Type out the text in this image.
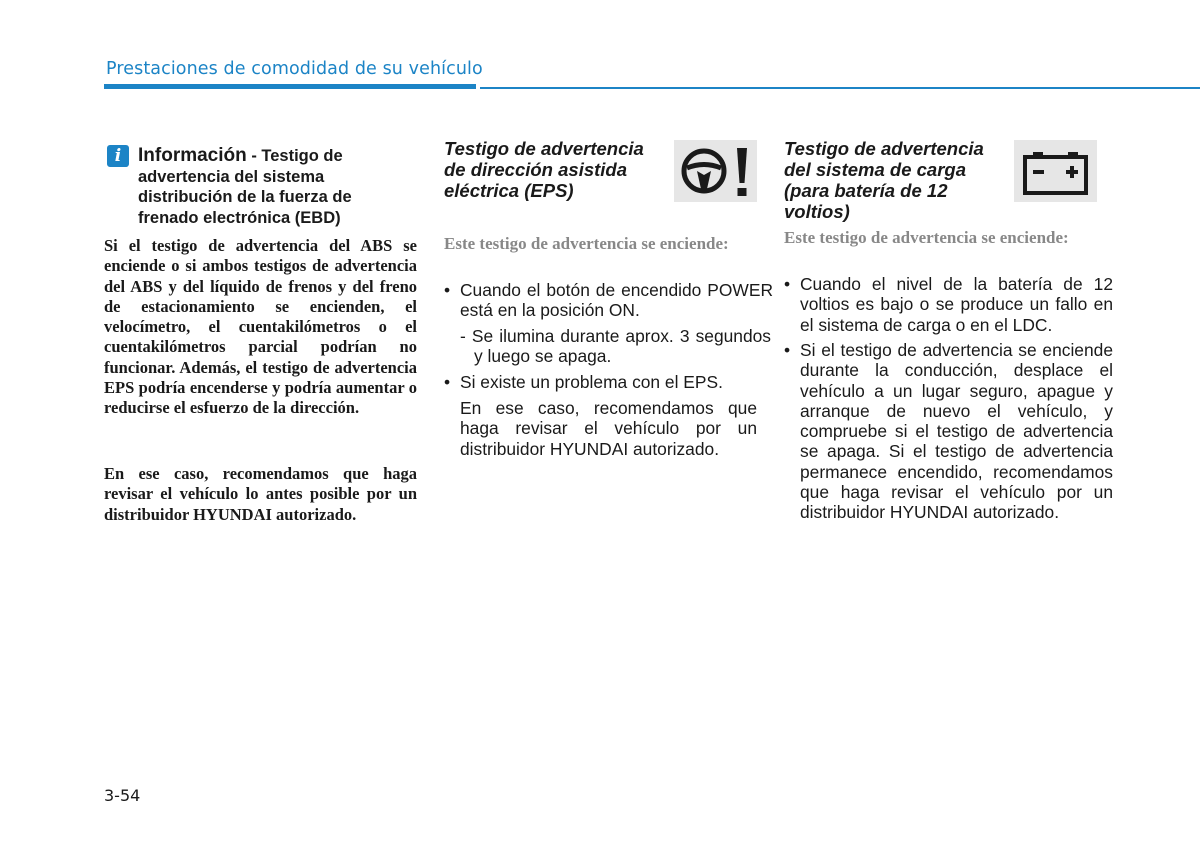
Prestaciones de comodidad de su vehículo
i Información - Testigo de advertencia del sistema distribución de la fuerza de frenado electrónica (EBD)
Si el testigo de advertencia del ABS se enciende o si ambos testigos de advertencia del ABS y del líquido de frenos y del freno de estacionamiento se encienden, el velocímetro, el cuentakilómetros o el cuentakilómetros parcial podrían no funcionar. Además, el testigo de advertencia EPS podría encenderse y podría aumentar o reducirse el esfuerzo de la dirección.
En ese caso, recomendamos que haga revisar el vehículo lo antes posible por un distribuidor HYUNDAI autorizado.
Testigo de advertencia de dirección asistida eléctrica (EPS)
Este testigo de advertencia se enciende:
• Cuando el botón de encendido POWER está en la posición ON.
- Se ilumina durante aprox. 3 segundos y luego se apaga.
• Si existe un problema con el EPS.
En ese caso, recomendamos que haga revisar el vehículo por un distribuidor HYUNDAI autorizado.
Testigo de advertencia del sistema de carga (para batería de 12 voltios)
Este testigo de advertencia se enciende:
• Cuando el nivel de la batería de 12 voltios es bajo o se produce un fallo en el sistema de carga o en el LDC.
• Si el testigo de advertencia se enciende durante la conducción, desplace el vehículo a un lugar seguro, apague y arranque de nuevo el vehículo, y compruebe si el testigo de advertencia se apaga. Si el testigo de advertencia permanece encendido, recomendamos que haga revisar el vehículo por un distribuidor HYUNDAI autorizado.
3-54
